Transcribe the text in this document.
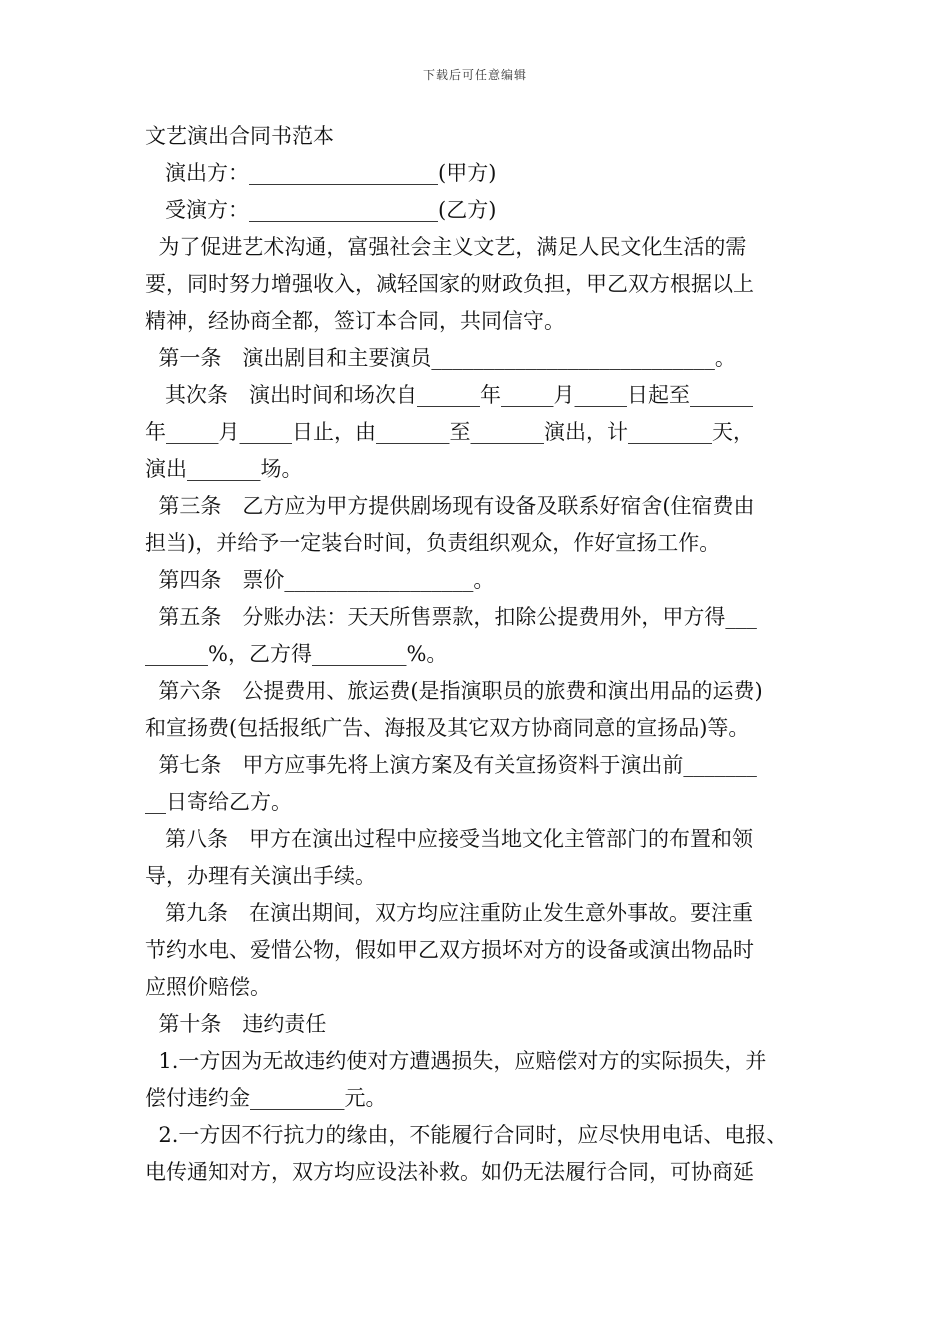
下载后可任意编辑

文艺演出合同书范本

演出方：__________________(甲方)

受演方：__________________(乙方)

为了促进艺术沟通，富强社会主义文艺，满足人民文化生活的需

要，同时努力增强收入，减轻国家的财政负担，甲乙双方根据以上

精神，经协商全都，签订本合同，共同信守。

第一条　演出剧目和主要演员___________________________。

其次条　演出时间和场次自______年_____月_____日起至______

年_____月_____日止，由_______至_______演出，计________天，

演出_______场。

第三条　乙方应为甲方提供剧场现有设备及联系好宿舍(住宿费由

担当)，并给予一定装台时间，负责组织观众，作好宣扬工作。

第四条　票价__________________。

第五条　分账办法：天天所售票款，扣除公提费用外，甲方得___

______%，乙方得_________%。

第六条　公提费用、旅运费(是指演职员的旅费和演出用品的运费)

和宣扬费(包括报纸广告、海报及其它双方协商同意的宣扬品)等。

第七条　甲方应事先将上演方案及有关宣扬资料于演出前_______

__日寄给乙方。

第八条　甲方在演出过程中应接受当地文化主管部门的布置和领

导，办理有关演出手续。

第九条　在演出期间，双方均应注重防止发生意外事故。要注重

节约水电、爱惜公物，假如甲乙双方损坏对方的设备或演出物品时

应照价赔偿。

第十条　违约责任

1.一方因为无故违约使对方遭遇损失，应赔偿对方的实际损失，并

偿付违约金_________元。

2.一方因不行抗力的缘由，不能履行合同时，应尽快用电话、电报、

电传通知对方，双方均应设法补救。如仍无法履行合同，可协商延
